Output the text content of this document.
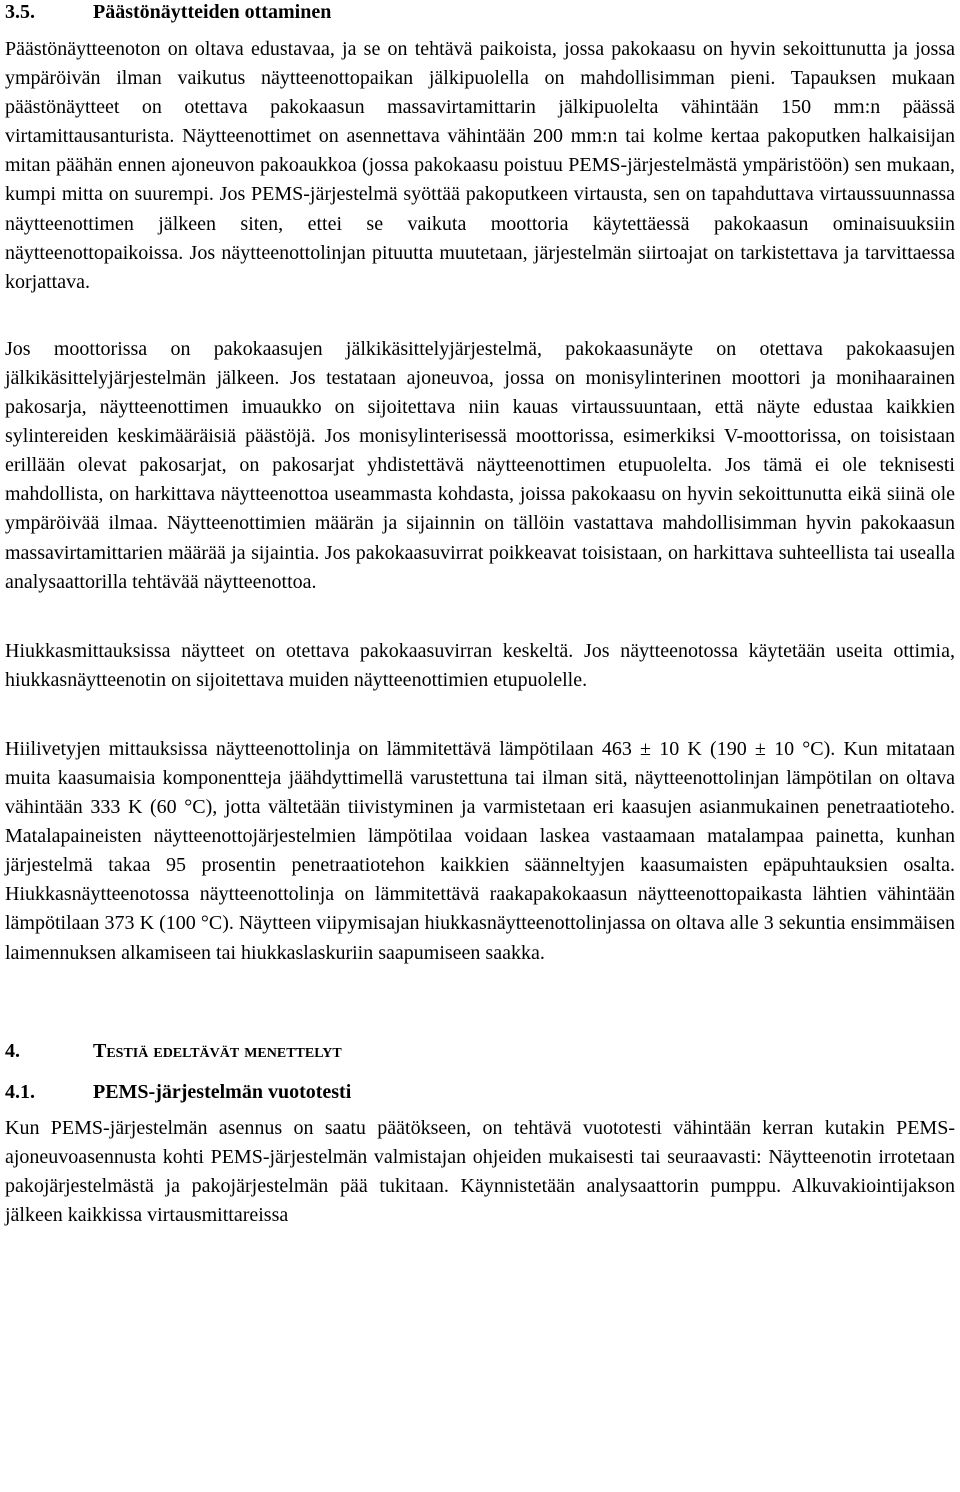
3.5.	Päästönäytteiden ottaminen

Päästönäytteenoton on oltava edustavaa, ja se on tehtävä paikoista, jossa pakokaasu on hyvin sekoittunutta ja jossa ympäröivän ilman vaikutus näytteenottopaikan jälkipuolella on mahdollisimman pieni. Tapauksen mukaan päästönäytteet on otettava pakokaasun massavirtamittarin jälkipuolelta vähintään 150 mm:n päässä virtamittausanturista. Näytteenottimet on asennettava vähintään 200 mm:n tai kolme kertaa pakoputken halkaisijan mitan päähän ennen ajoneuvon pakoaukkoa (jossa pakokaasu poistuu PEMS-järjestelmästä ympäristöön) sen mukaan, kumpi mitta on suurempi. Jos PEMS-järjestelmä syöttää pakoputkeen virtausta, sen on tapahduttava virtaussuunnassa näytteenottimen jälkeen siten, ettei se vaikuta moottoria käytettäessä pakokaasun ominaisuuksiin näytteenottopaikoissa. Jos näytteenottolinjan pituutta muutetaan, järjestelmän siirtoajat on tarkistettava ja tarvittaessa korjattava.

Jos moottorissa on pakokaasujen jälkikäsittelyjärjestelmä, pakokaasunäyte on otettava pakokaasujen jälkikäsittelyjärjestelmän jälkeen. Jos testataan ajoneuvoa, jossa on monisylinterinen moottori ja monihaarainen pakosarja, näytteenottimen imuaukko on sijoitettava niin kauas virtaussuuntaan, että näyte edustaa kaikkien sylintereiden keskimääräisiä päästöjä. Jos monisylinterisessä moottorissa, esimerkiksi V-moottorissa, on toisistaan erillään olevat pakosarjat, on pakosarjat yhdistettävä näytteenottimen etupuolelta. Jos tämä ei ole teknisesti mahdollista, on harkittava näytteenottoa useammasta kohdasta, joissa pakokaasu on hyvin sekoittunutta eikä siinä ole ympäröivää ilmaa. Näytteenottimien määrän ja sijainnin on tällöin vastattava mahdollisimman hyvin pakokaasun massavirtamittarien määrää ja sijaintia. Jos pakokaasuvirrat poikkeavat toisistaan, on harkittava suhteellista tai usealla analysaattorilla tehtävää näytteenottoa.

Hiukkasmittauksissa näytteet on otettava pakokaasuvirran keskeltä. Jos näytteenotossa käytetään useita ottimia, hiukkasnäytteenotin on sijoitettava muiden näytteenottimien etupuolelle.

Hiilivetyjen mittauksissa näytteenottolinja on lämmitettävä lämpötilaan 463 ± 10 K (190 ± 10 °C). Kun mitataan muita kaasumaisia komponentteja jäähdyttimellä varustettuna tai ilman sitä, näytteenottolinjan lämpötilan on oltava vähintään 333 K (60 °C), jotta vältetään tiivistyminen ja varmistetaan eri kaasujen asianmukainen penetraatioteho. Matalapaineisten näytteenottojärjestelmien lämpötilaa voidaan laskea vastaamaan matalampaa painetta, kunhan järjestelmä takaa 95 prosentin penetraatiotehon kaikkien säänneltyjen kaasumaisten epäpuhtauksien osalta. Hiukkasnäytteenotossa näytteenottolinja on lämmitettävä raakapakokaasun näytteenottopaikasta lähtien vähintään lämpötilaan 373 K (100 °C). Näytteen viipymisajan hiukkasnäytteenottolinjassa on oltava alle 3 sekuntia ensimmäisen laimennuksen alkamiseen tai hiukkaslaskuriin saapumiseen saakka.

4.	Testiä edeltävät menettelyt
4.1.	PEMS-järjestelmän vuototesti

Kun PEMS-järjestelmän asennus on saatu päätökseen, on tehtävä vuototesti vähintään kerran kutakin PEMS-ajoneuvoasennusta kohti PEMS-järjestelmän valmistajan ohjeiden mukaisesti tai seuraavasti: Näytteenotin irrotetaan pakojärjestelmästä ja pakojärjestelmän pää tukitaan. Käynnistetään analysaattorin pumppu. Alkuvakiointijakson jälkeen kaikkissa virtausmittareissa
